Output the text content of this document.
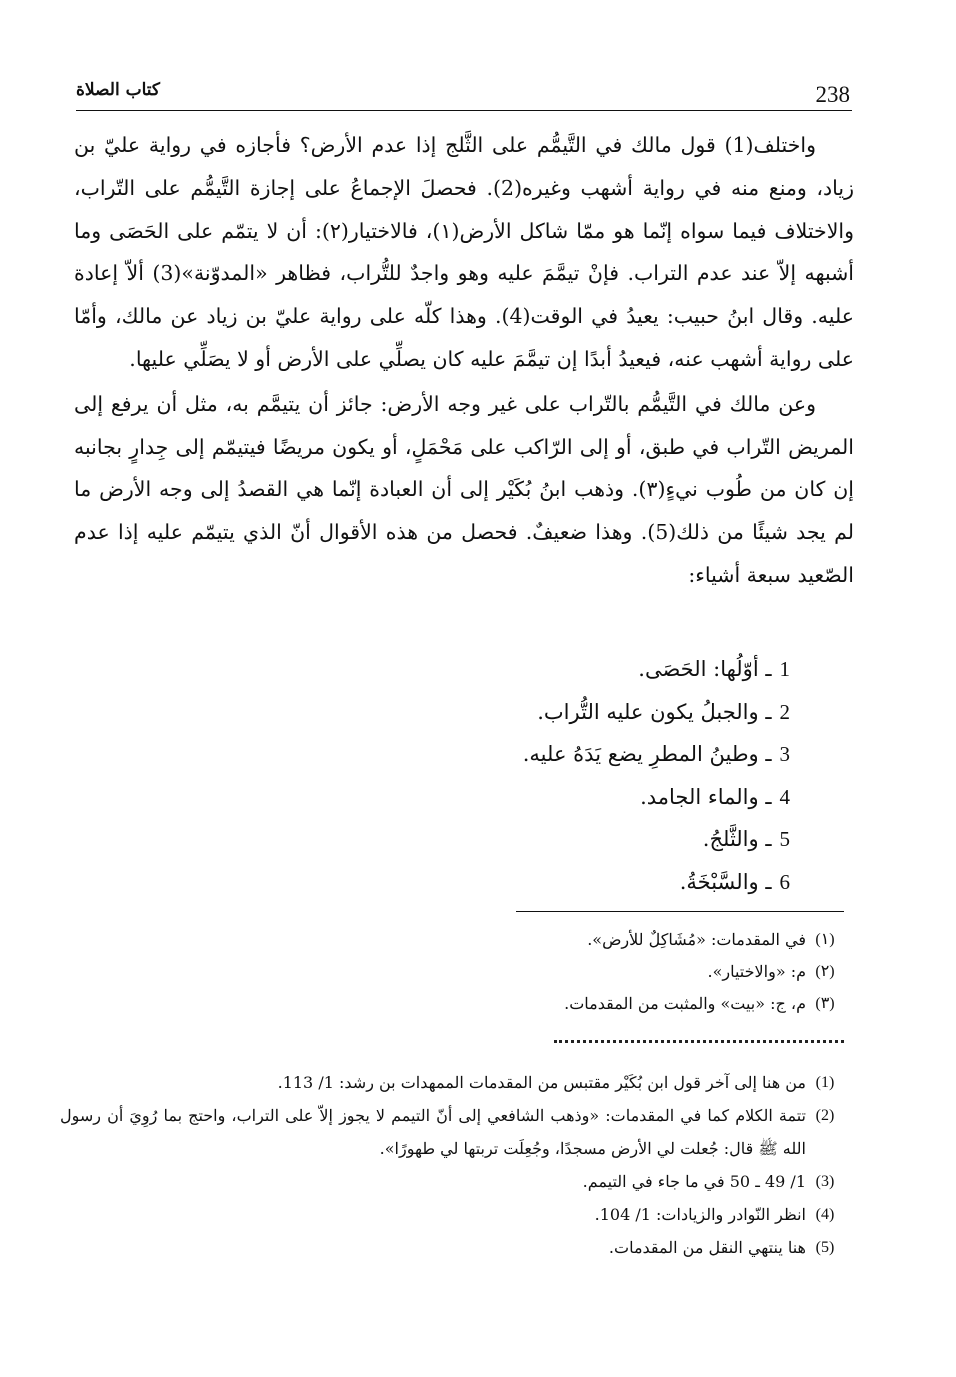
238
كتاب الصلاة

واختلف(1) قول مالك في التَّيمُّم على الثَّلج إذا عدم الأرض؟ فأجازه في رواية عليّ بن زياد، ومنع منه في رواية أشهب وغيره(2). فحصلَ الإجماعُ على إجازة التَّيمُّم على التّراب، والاختلاف فيما سواه إنّما هو ممّا شاكل الأرض(١)، فالاختيار(٢): أن لا يتمّم على الحَصَى وما أشبهه إلاّ عند عدم التراب. فإنْ تيمَّمَ عليه وهو واجدٌ للتُّراب، فظاهر «المدوّنة»(3) ألاّ إعادة عليه. وقال ابنُ حبيب: يعيدُ في الوقت(4). وهذا كلّه على رواية عليّ بن زياد عن مالك، وأمّا على رواية أشهب عنه، فيعيدُ أبدًا إن تيمَّمَ عليه كان يصلِّي على الأرض أو لا يصَلِّي عليها.

وعن مالك في التَّيمُّم بالتّراب على غير وجه الأرض: جائز أن يتيمَّم به، مثل أن يرفع إلى المريض التّراب في طبق، أو إلى الرّاكب على مَحْمَلٍ، أو يكون مريضًا فيتيمّم إلى جِدارٍ بجانبه إن كان من طُوب نيءٍ(٣). وذهب ابنُ بُكَيْر إلى أن العبادة إنّما هي القصدُ إلى وجه الأرض ما لم يجد شيئًا من ذلك(5). وهذا ضعيفٌ. فحصل من هذه الأقوال أنّ الذي يتيمّم عليه إذا عدم الصّعيد سبعة أشياء:

1ـ أوّلُها: الحَصَى.
2ـ والجبلُ يكون عليه التُّراب.
3ـ وطينُ المطرِ يضع يَدَهُ عليه.
4ـ والماء الجامد.
5ـ والثَّلجُ.
6ـ والسَّبْخَةُ.
(١)
في المقدمات: «مُشَاكِلٌ للأرض».
(٢)
م: «والاختيار».
(٣)
م، ج: «بيت» والمثبت من المقدمات.
(1)
من هنا إلى آخر قول ابن بُكَيْر مقتبس من المقدمات الممهدات بن رشد: 1/ 113.
(2)
تتمة الكلام كما في المقدمات: «وذهب الشافعي إلى أنّ التيمم لا يجوز إلاّ على التراب، واحتج بما رُوِيَ أن رسول الله ﷺ قال: جُعلت لي الأرض مسجدًا، وجُعِلَت تربتها لي طهورًا».
(3)
1/ 49 ـ 50 في ما جاء في التيمم.
(4)
انظر النّوادر والزيادات: 1/ 104.
(5)
هنا ينتهي النقل من المقدمات.
